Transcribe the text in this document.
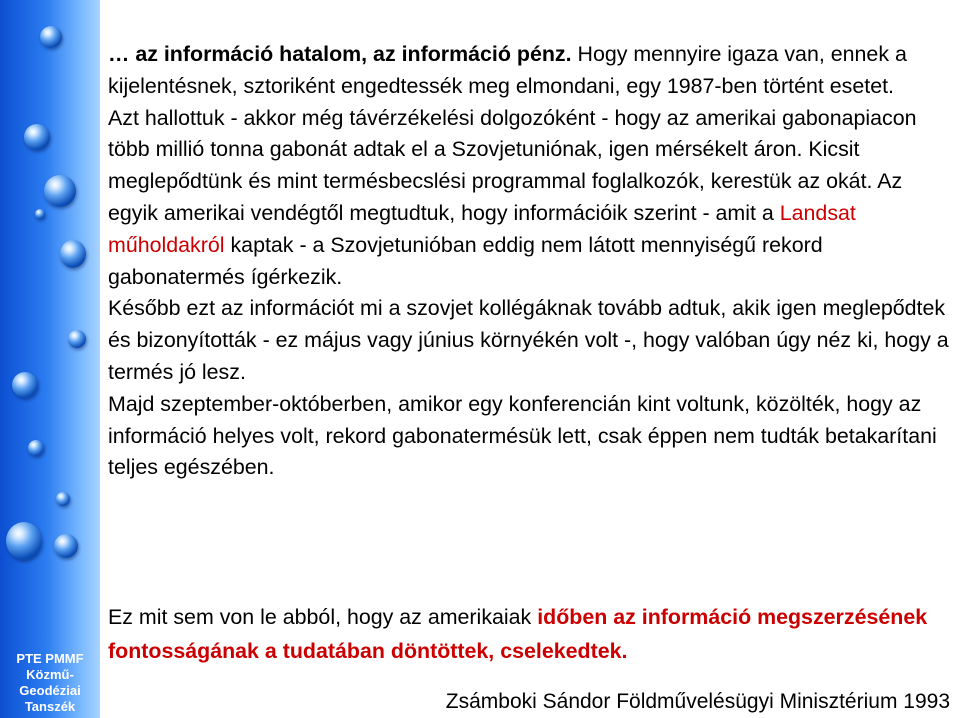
PTE PMMF
Közmű-
Geodéziai
Tanszék

… az információ hatalom, az információ pénz. Hogy mennyire igaza van, ennek a kijelentésnek, sztoriként engedtessék meg elmondani, egy 1987-ben történt esetet.

Azt hallottuk - akkor még távérzékelési dolgozóként - hogy az amerikai gabonapiacon több millió tonna gabonát adtak el a Szovjetuniónak, igen mérsékelt áron. Kicsit meglepődtünk és mint termésbecslési programmal foglalkozók, kerestük az okát. Az egyik amerikai vendégtől megtudtuk, hogy információik szerint - amit a Landsat műholdakról kaptak - a Szovjetunióban eddig nem látott mennyiségű rekord gabonatermés ígérkezik.

Később ezt az információt mi a szovjet kollégáknak tovább adtuk, akik igen meglepődtek és bizonyították - ez május vagy június környékén volt -, hogy valóban úgy néz ki, hogy a termés jó lesz.

Majd szeptember-októberben, amikor egy konferencián kint voltunk, közölték, hogy az információ helyes volt, rekord gabonatermésük lett, csak éppen nem tudták betakarítani teljes egészében.

Ez mit sem von le abból, hogy az amerikaiak időben az információ megszerzésének fontosságának a tudatában döntöttek, cselekedtek.
Zsámboki Sándor Földművelésügyi Minisztérium 1993
